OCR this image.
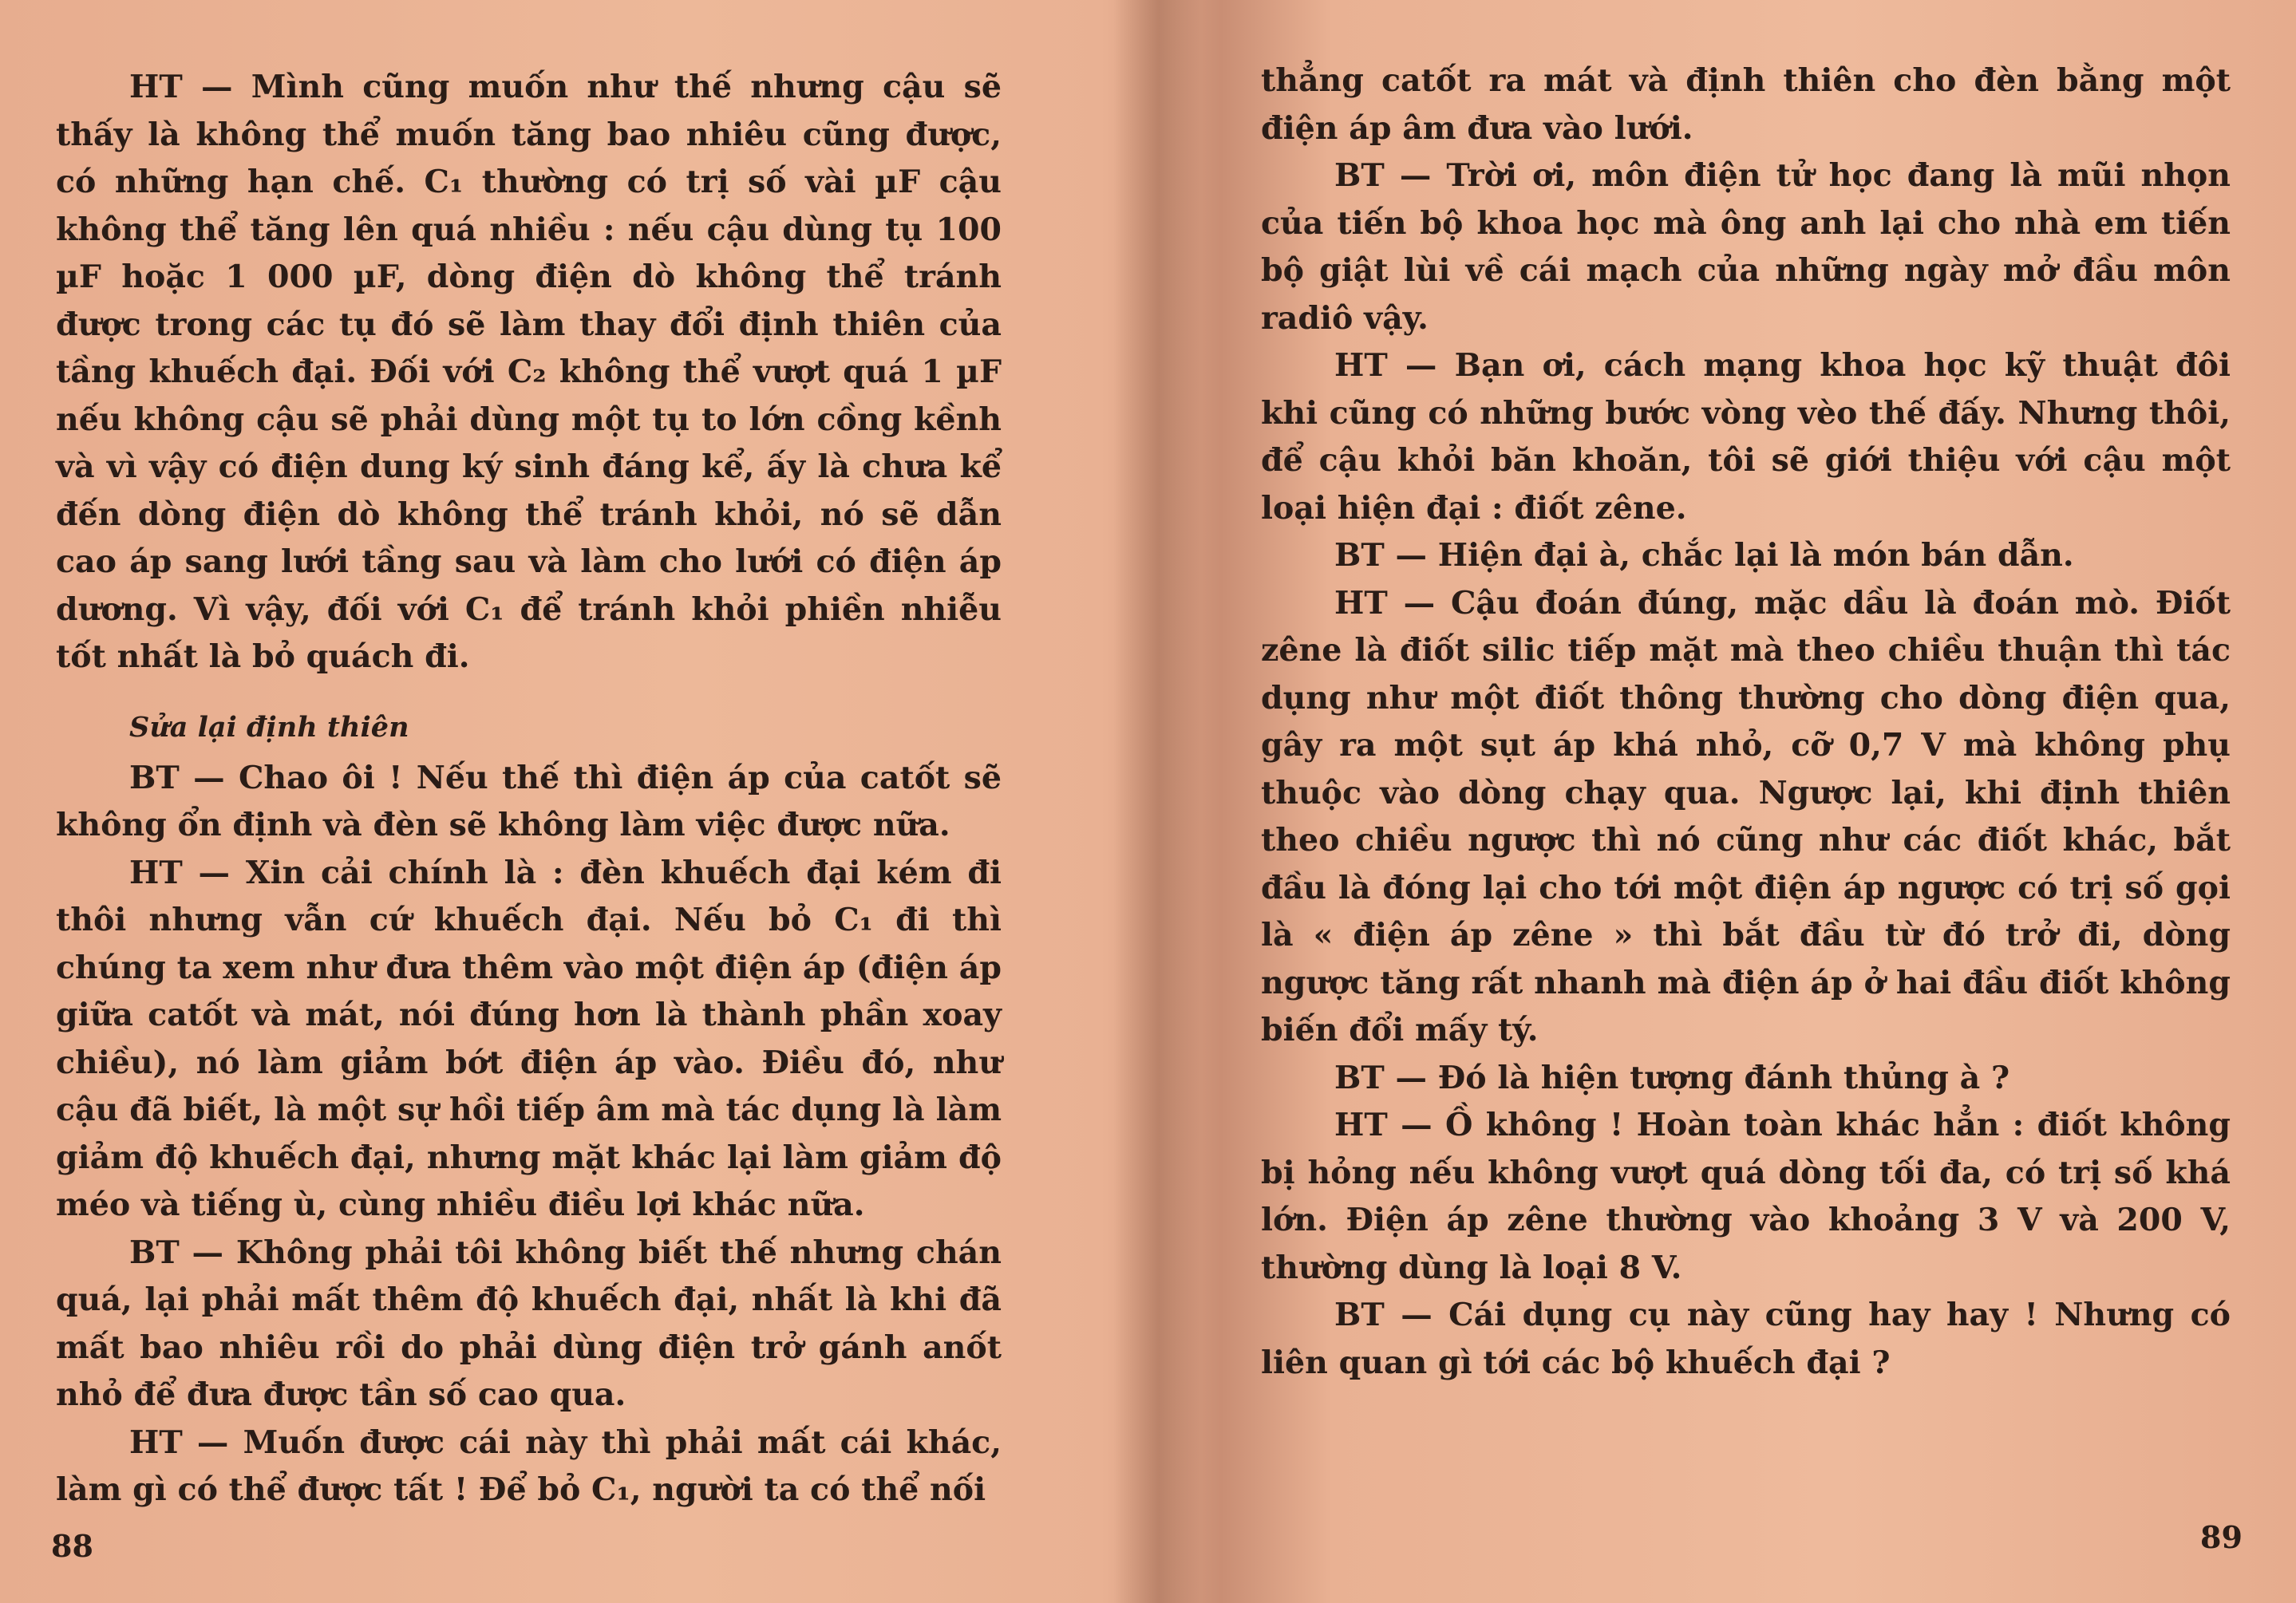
HT — Mình cũng muốn như thế nhưng cậu sẽ thấy là không thể muốn tăng bao nhiêu cũng được, có những hạn chế. C₁ thường có trị số vài µF cậu không thể tăng lên quá nhiều : nếu cậu dùng tụ 100 µF hoặc 1 000 µF, dòng điện dò không thể tránh được trong các tụ đó sẽ làm thay đổi định thiên của tầng khuếch đại. Đối với C₂ không thể vượt quá 1 µF nếu không cậu sẽ phải dùng một tụ to lớn cồng kềnh và vì vậy có điện dung ký sinh đáng kể, ấy là chưa kể đến dòng điện dò không thể tránh khỏi, nó sẽ dẫn cao áp sang lưới tầng sau và làm cho lưới có điện áp dương. Vì vậy, đối với C₁ để tránh khỏi phiền nhiễu tốt nhất là bỏ quách đi.

Sửa lại định thiên

BT — Chao ôi ! Nếu thế thì điện áp của catốt sẽ không ổn định và đèn sẽ không làm việc được nữa.

HT — Xin cải chính là : đèn khuếch đại kém đi thôi nhưng vẫn cứ khuếch đại. Nếu bỏ C₁ đi thì chúng ta xem như đưa thêm vào một điện áp (điện áp giữa catốt và mát, nói đúng hơn là thành phần xoay chiều), nó làm giảm bớt điện áp vào. Điều đó, như cậu đã biết, là một sự hồi tiếp âm mà tác dụng là làm giảm độ khuếch đại, nhưng mặt khác lại làm giảm độ méo và tiếng ù, cùng nhiều điều lợi khác nữa.

BT — Không phải tôi không biết thế nhưng chán quá, lại phải mất thêm độ khuếch đại, nhất là khi đã mất bao nhiêu rồi do phải dùng điện trở gánh anốt nhỏ để đưa được tần số cao qua.

HT — Muốn được cái này thì phải mất cái khác, làm gì có thể được tất ! Để bỏ C₁, người ta có thể nối

88

thẳng catốt ra mát và định thiên cho đèn bằng một điện áp âm đưa vào lưới.

BT — Trời ơi, môn điện tử học đang là mũi nhọn của tiến bộ khoa học mà ông anh lại cho nhà em tiến bộ giật lùi về cái mạch của những ngày mở đầu môn radiô vậy.

HT — Bạn ơi, cách mạng khoa học kỹ thuật đôi khi cũng có những bước vòng vèo thế đấy. Nhưng thôi, để cậu khỏi băn khoăn, tôi sẽ giới thiệu với cậu một loại hiện đại : điốt zêne.

BT — Hiện đại à, chắc lại là món bán dẫn.

HT — Cậu đoán đúng, mặc dầu là đoán mò. Điốt zêne là điốt silic tiếp mặt mà theo chiều thuận thì tác dụng như một điốt thông thường cho dòng điện qua, gây ra một sụt áp khá nhỏ, cỡ 0,7 V mà không phụ thuộc vào dòng chạy qua. Ngược lại, khi định thiên theo chiều ngược thì nó cũng như các điốt khác, bắt đầu là đóng lại cho tới một điện áp ngược có trị số gọi là « điện áp zêne » thì bắt đầu từ đó trở đi, dòng ngược tăng rất nhanh mà điện áp ở hai đầu điốt không biến đổi mấy tý.

BT — Đó là hiện tượng đánh thủng à ?

HT — Ồ không ! Hoàn toàn khác hẳn : điốt không bị hỏng nếu không vượt quá dòng tối đa, có trị số khá lớn. Điện áp zêne thường vào khoảng 3 V và 200 V, thường dùng là loại 8 V.

BT — Cái dụng cụ này cũng hay hay ! Nhưng có liên quan gì tới các bộ khuếch đại ?

89
